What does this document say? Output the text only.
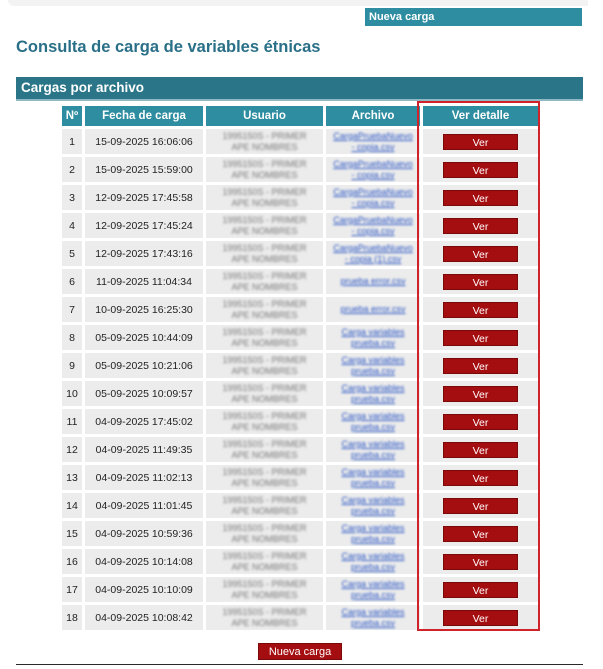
Nueva carga
Consulta de carga de variables étnicas
Cargas por archivo
Nº	Fecha de carga	Usuario	Archivo	Ver detalle
1	15-09-2025 16:06:06	1995150S - PRIMER
APE NOMBRES	CargaPruebaNuevo
- copia.csv	Ver
2	15-09-2025 15:59:00	1995150S - PRIMER
APE NOMBRES	CargaPruebaNuevo
- copia.csv	Ver
3	12-09-2025 17:45:58	1995150S - PRIMER
APE NOMBRES	CargaPruebaNuevo
- copia.csv	Ver
4	12-09-2025 17:45:24	1995150S - PRIMER
APE NOMBRES	CargaPruebaNuevo
- copia.csv	Ver
5	12-09-2025 17:43:16	1995150S - PRIMER
APE NOMBRES	CargaPruebaNuevo
- copia (1).csv	Ver
6	11-09-2025 11:04:34	1995150S - PRIMER
APE NOMBRES	prueba error.csv	Ver
7	10-09-2025 16:25:30	1995150S - PRIMER
APE NOMBRES	prueba error.csv	Ver
8	05-09-2025 10:44:09	1995150S - PRIMER
APE NOMBRES	Carga variables
prueba.csv	Ver
9	05-09-2025 10:21:06	1995150S - PRIMER
APE NOMBRES	Carga variables
prueba.csv	Ver
10	05-09-2025 10:09:57	1995150S - PRIMER
APE NOMBRES	Carga variables
prueba.csv	Ver
11	04-09-2025 17:45:02	1995150S - PRIMER
APE NOMBRES	Carga variables
prueba.csv	Ver
12	04-09-2025 11:49:35	1995150S - PRIMER
APE NOMBRES	Carga variables
prueba.csv	Ver
13	04-09-2025 11:02:13	1995150S - PRIMER
APE NOMBRES	Carga variables
prueba.csv	Ver
14	04-09-2025 11:01:45	1995150S - PRIMER
APE NOMBRES	Carga variables
prueba.csv	Ver
15	04-09-2025 10:59:36	1995150S - PRIMER
APE NOMBRES	Carga variables
prueba.csv	Ver
16	04-09-2025 10:14:08	1995150S - PRIMER
APE NOMBRES	Carga variables
prueba.csv	Ver
17	04-09-2025 10:10:09	1995150S - PRIMER
APE NOMBRES	Carga variables
prueba.csv	Ver
18	04-09-2025 10:08:42	1995150S - PRIMER
APE NOMBRES	Carga variables
prueba.csv	Ver
Nueva carga
